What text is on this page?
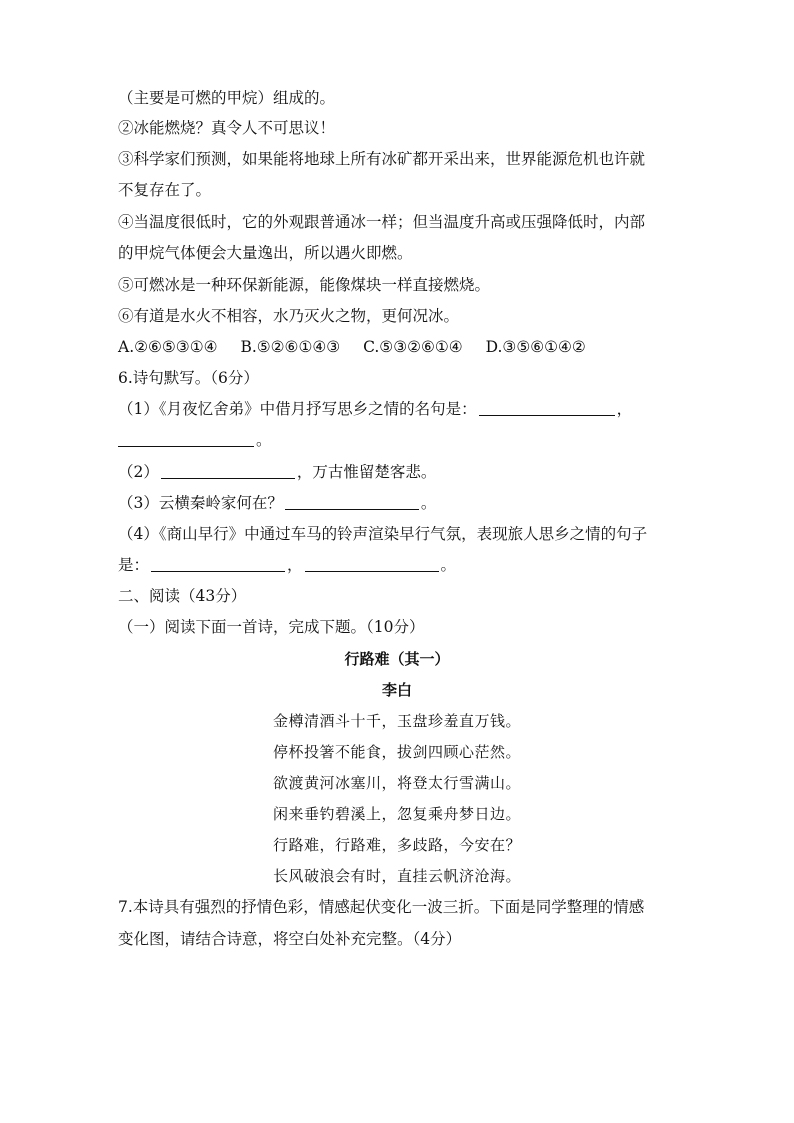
（主要是可燃的甲烷）组成的。
②冰能燃烧？真令人不可思议！
③科学家们预测，如果能将地球上所有冰矿都开采出来，世界能源危机也许就
不复存在了。
④当温度很低时，它的外观跟普通冰一样；但当温度升高或压强降低时，内部
的甲烷气体便会大量逸出，所以遇火即燃。
⑤可燃冰是一种环保新能源，能像煤块一样直接燃烧。
⑥有道是水火不相容，水乃灭火之物，更何况冰。
A.②⑥⑤③①④ B.⑤②⑥①④③ C.⑤③②⑥①④ D.③⑤⑥①④②
6.诗句默写。（6分）
（1）《月夜忆舍弟》中借月抒写思乡之情的名句是：	，
。
（2）	，万古惟留楚客悲。
（3）云横秦岭家何在？	。
（4）《商山早行》中通过车马的铃声渲染早行气氛，表现旅人思乡之情的句子
是：	，	。
二、阅读（43分）
（一）阅读下面一首诗，完成下题。（10分）
行路难（其一）
李白
金樽清酒斗十千，玉盘珍羞直万钱。
停杯投箸不能食，拔剑四顾心茫然。
欲渡黄河冰塞川，将登太行雪满山。
闲来垂钓碧溪上，忽复乘舟梦日边。
行路难，行路难，多歧路，今安在？
长风破浪会有时，直挂云帆济沧海。
7.本诗具有强烈的抒情色彩，情感起伏变化一波三折。下面是同学整理的情感
变化图，请结合诗意，将空白处补充完整。（4分）
